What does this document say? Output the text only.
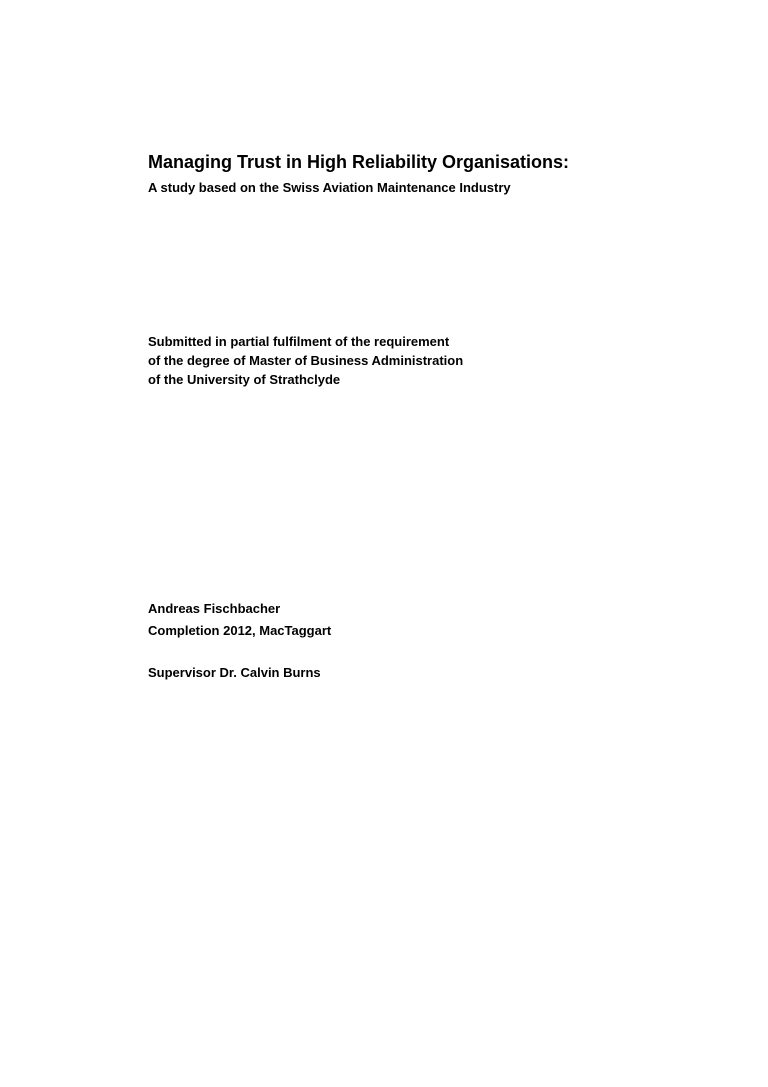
Managing Trust in High Reliability Organisations:

A study based on the Swiss Aviation Maintenance Industry

Submitted in partial fulfilment of the requirement
of the degree of Master of Business Administration
of the University of Strathclyde
Andreas Fischbacher
Completion 2012, MacTaggart

Supervisor Dr. Calvin Burns
